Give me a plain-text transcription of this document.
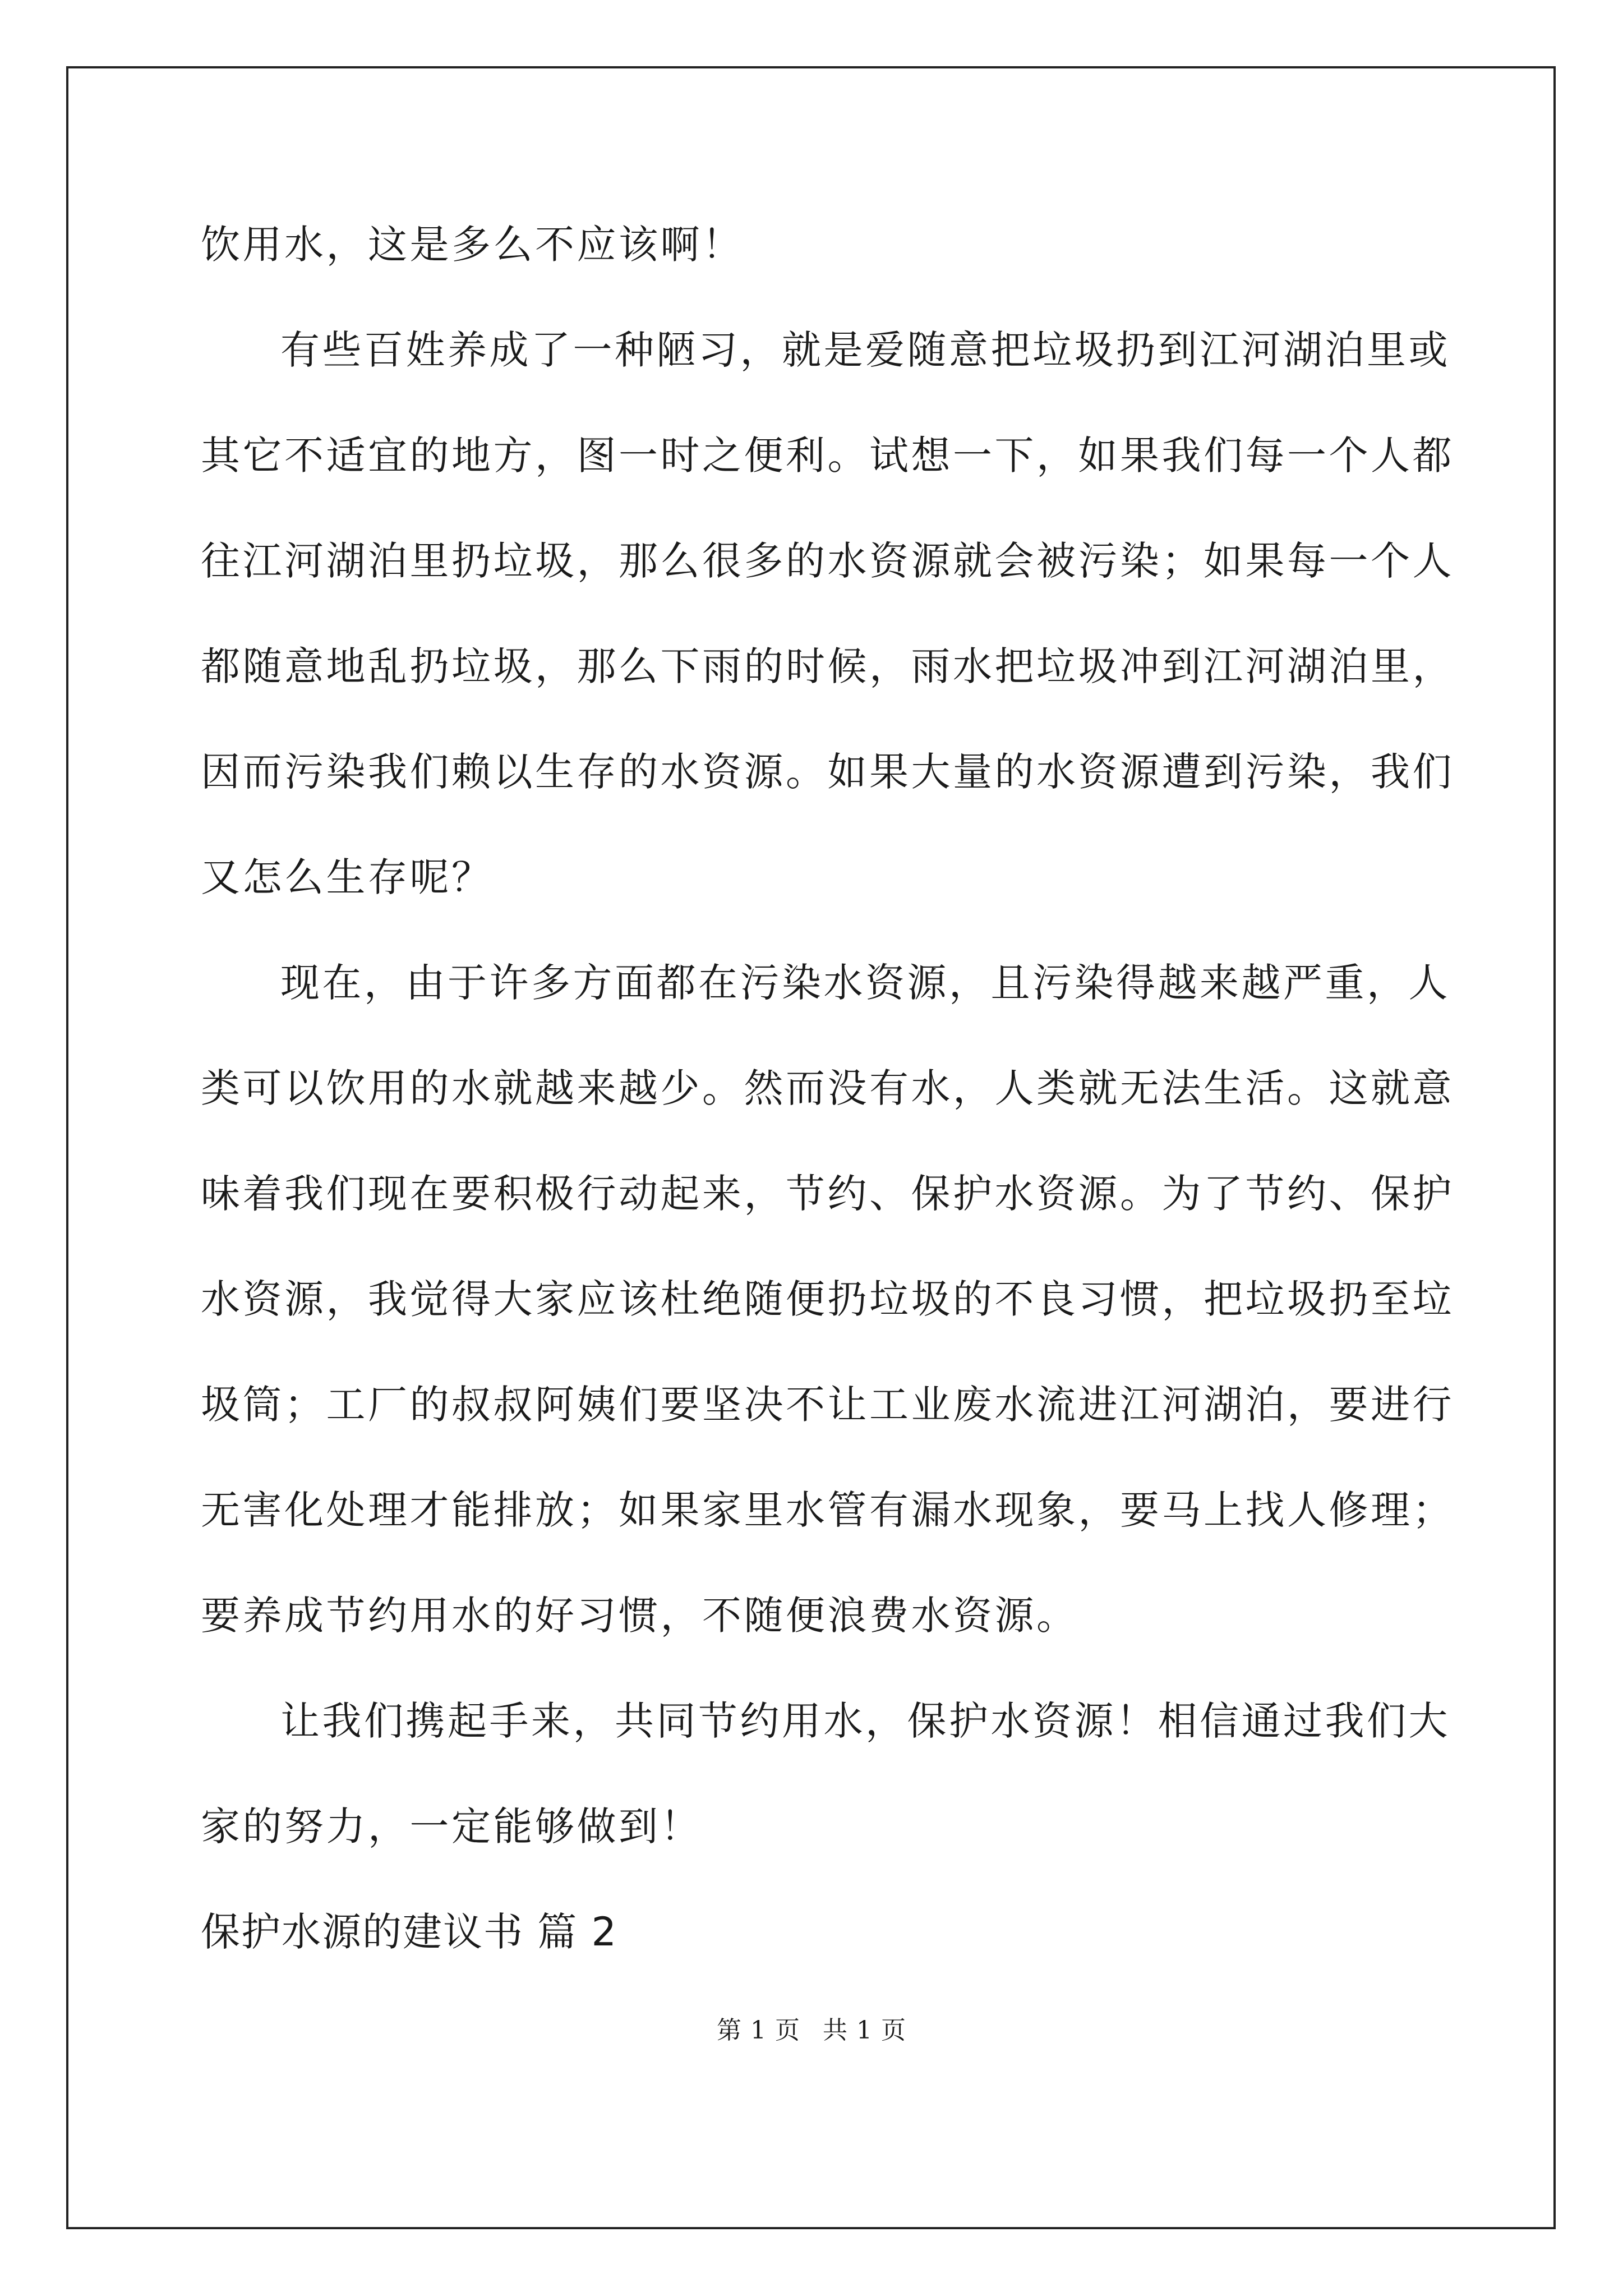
饮用水，这是多么不应该啊！
有些百姓养成了一种陋习，就是爱随意把垃圾扔到江河湖泊里或
其它不适宜的地方，图一时之便利。试想一下，如果我们每一个人都
往江河湖泊里扔垃圾，那么很多的水资源就会被污染；如果每一个人
都随意地乱扔垃圾，那么下雨的时候，雨水把垃圾冲到江河湖泊里，
因而污染我们赖以生存的水资源。如果大量的水资源遭到污染，我们
又怎么生存呢？
现在，由于许多方面都在污染水资源，且污染得越来越严重，人
类可以饮用的水就越来越少。然而没有水，人类就无法生活。这就意
味着我们现在要积极行动起来，节约、保护水资源。为了节约、保护
水资源，我觉得大家应该杜绝随便扔垃圾的不良习惯，把垃圾扔至垃
圾筒；工厂的叔叔阿姨们要坚决不让工业废水流进江河湖泊，要进行
无害化处理才能排放；如果家里水管有漏水现象，要马上找人修理；
要养成节约用水的好习惯，不随便浪费水资源。
让我们携起手来，共同节约用水，保护水资源！相信通过我们大
家的努力，一定能够做到！
保护水源的建议书 篇 2
第 1 页 共 1 页
